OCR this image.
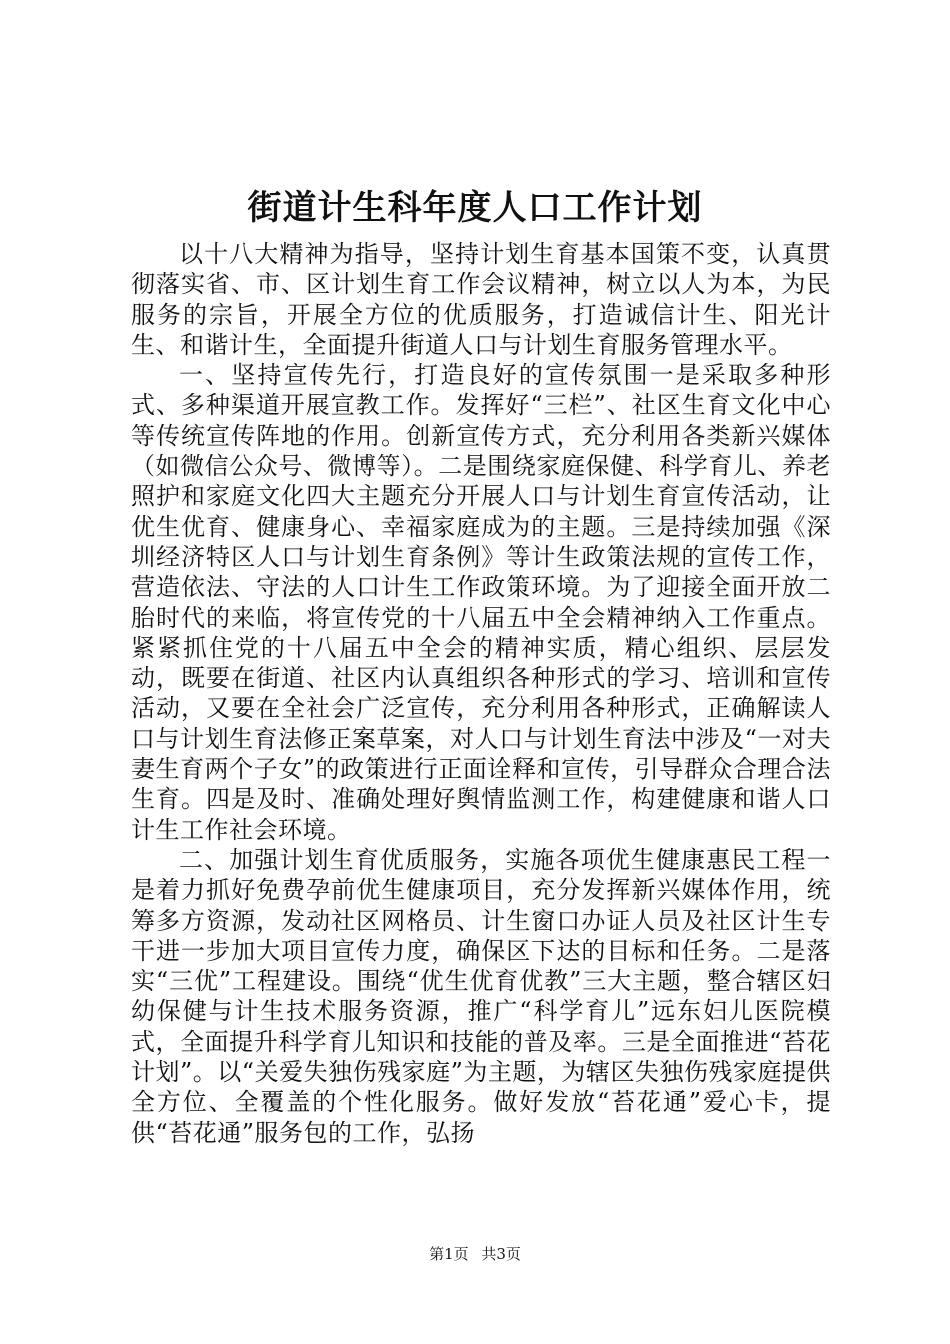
街道计生科年度人口工作计划

以十八大精神为指导，坚持计划生育基本国策不变，认真贯彻落实省、市、区计划生育工作会议精神，树立以人为本，为民服务的宗旨，开展全方位的优质服务，打造诚信计生、阳光计生、和谐计生，全面提升街道人口与计划生育服务管理水平。

一、坚持宣传先行，打造良好的宣传氛围一是采取多种形式、多种渠道开展宣教工作。发挥好“三栏”、社区生育文化中心等传统宣传阵地的作用。创新宣传方式，充分利用各类新兴媒体（如微信公众号、微博等）。二是围绕家庭保健、科学育儿、养老照护和家庭文化四大主题充分开展人口与计划生育宣传活动，让优生优育、健康身心、幸福家庭成为的主题。三是持续加强《深圳经济特区人口与计划生育条例》等计生政策法规的宣传工作，营造依法、守法的人口计生工作政策环境。为了迎接全面开放二胎时代的来临，将宣传党的十八届五中全会精神纳入工作重点。紧紧抓住党的十八届五中全会的精神实质，精心组织、层层发动，既要在街道、社区内认真组织各种形式的学习、培训和宣传活动，又要在全社会广泛宣传，充分利用各种形式，正确解读人口与计划生育法修正案草案，对人口与计划生育法中涉及“一对夫妻生育两个子女”的政策进行正面诠释和宣传，引导群众合理合法生育。四是及时、准确处理好舆情监测工作，构建健康和谐人口计生工作社会环境。

二、加强计划生育优质服务，实施各项优生健康惠民工程一是着力抓好免费孕前优生健康项目，充分发挥新兴媒体作用，统筹多方资源，发动社区网格员、计生窗口办证人员及社区计生专干进一步加大项目宣传力度，确保区下达的目标和任务。二是落实“三优”工程建设。围绕“优生优育优教”三大主题，整合辖区妇幼保健与计生技术服务资源，推广“科学育儿”远东妇儿医院模式，全面提升科学育儿知识和技能的普及率。三是全面推进“苔花计划”。以“关爱失独伤残家庭”为主题，为辖区失独伤残家庭提供全方位、全覆盖的个性化服务。做好发放“苔花通”爱心卡，提供“苔花通”服务包的工作，弘扬

第1页 共3页
